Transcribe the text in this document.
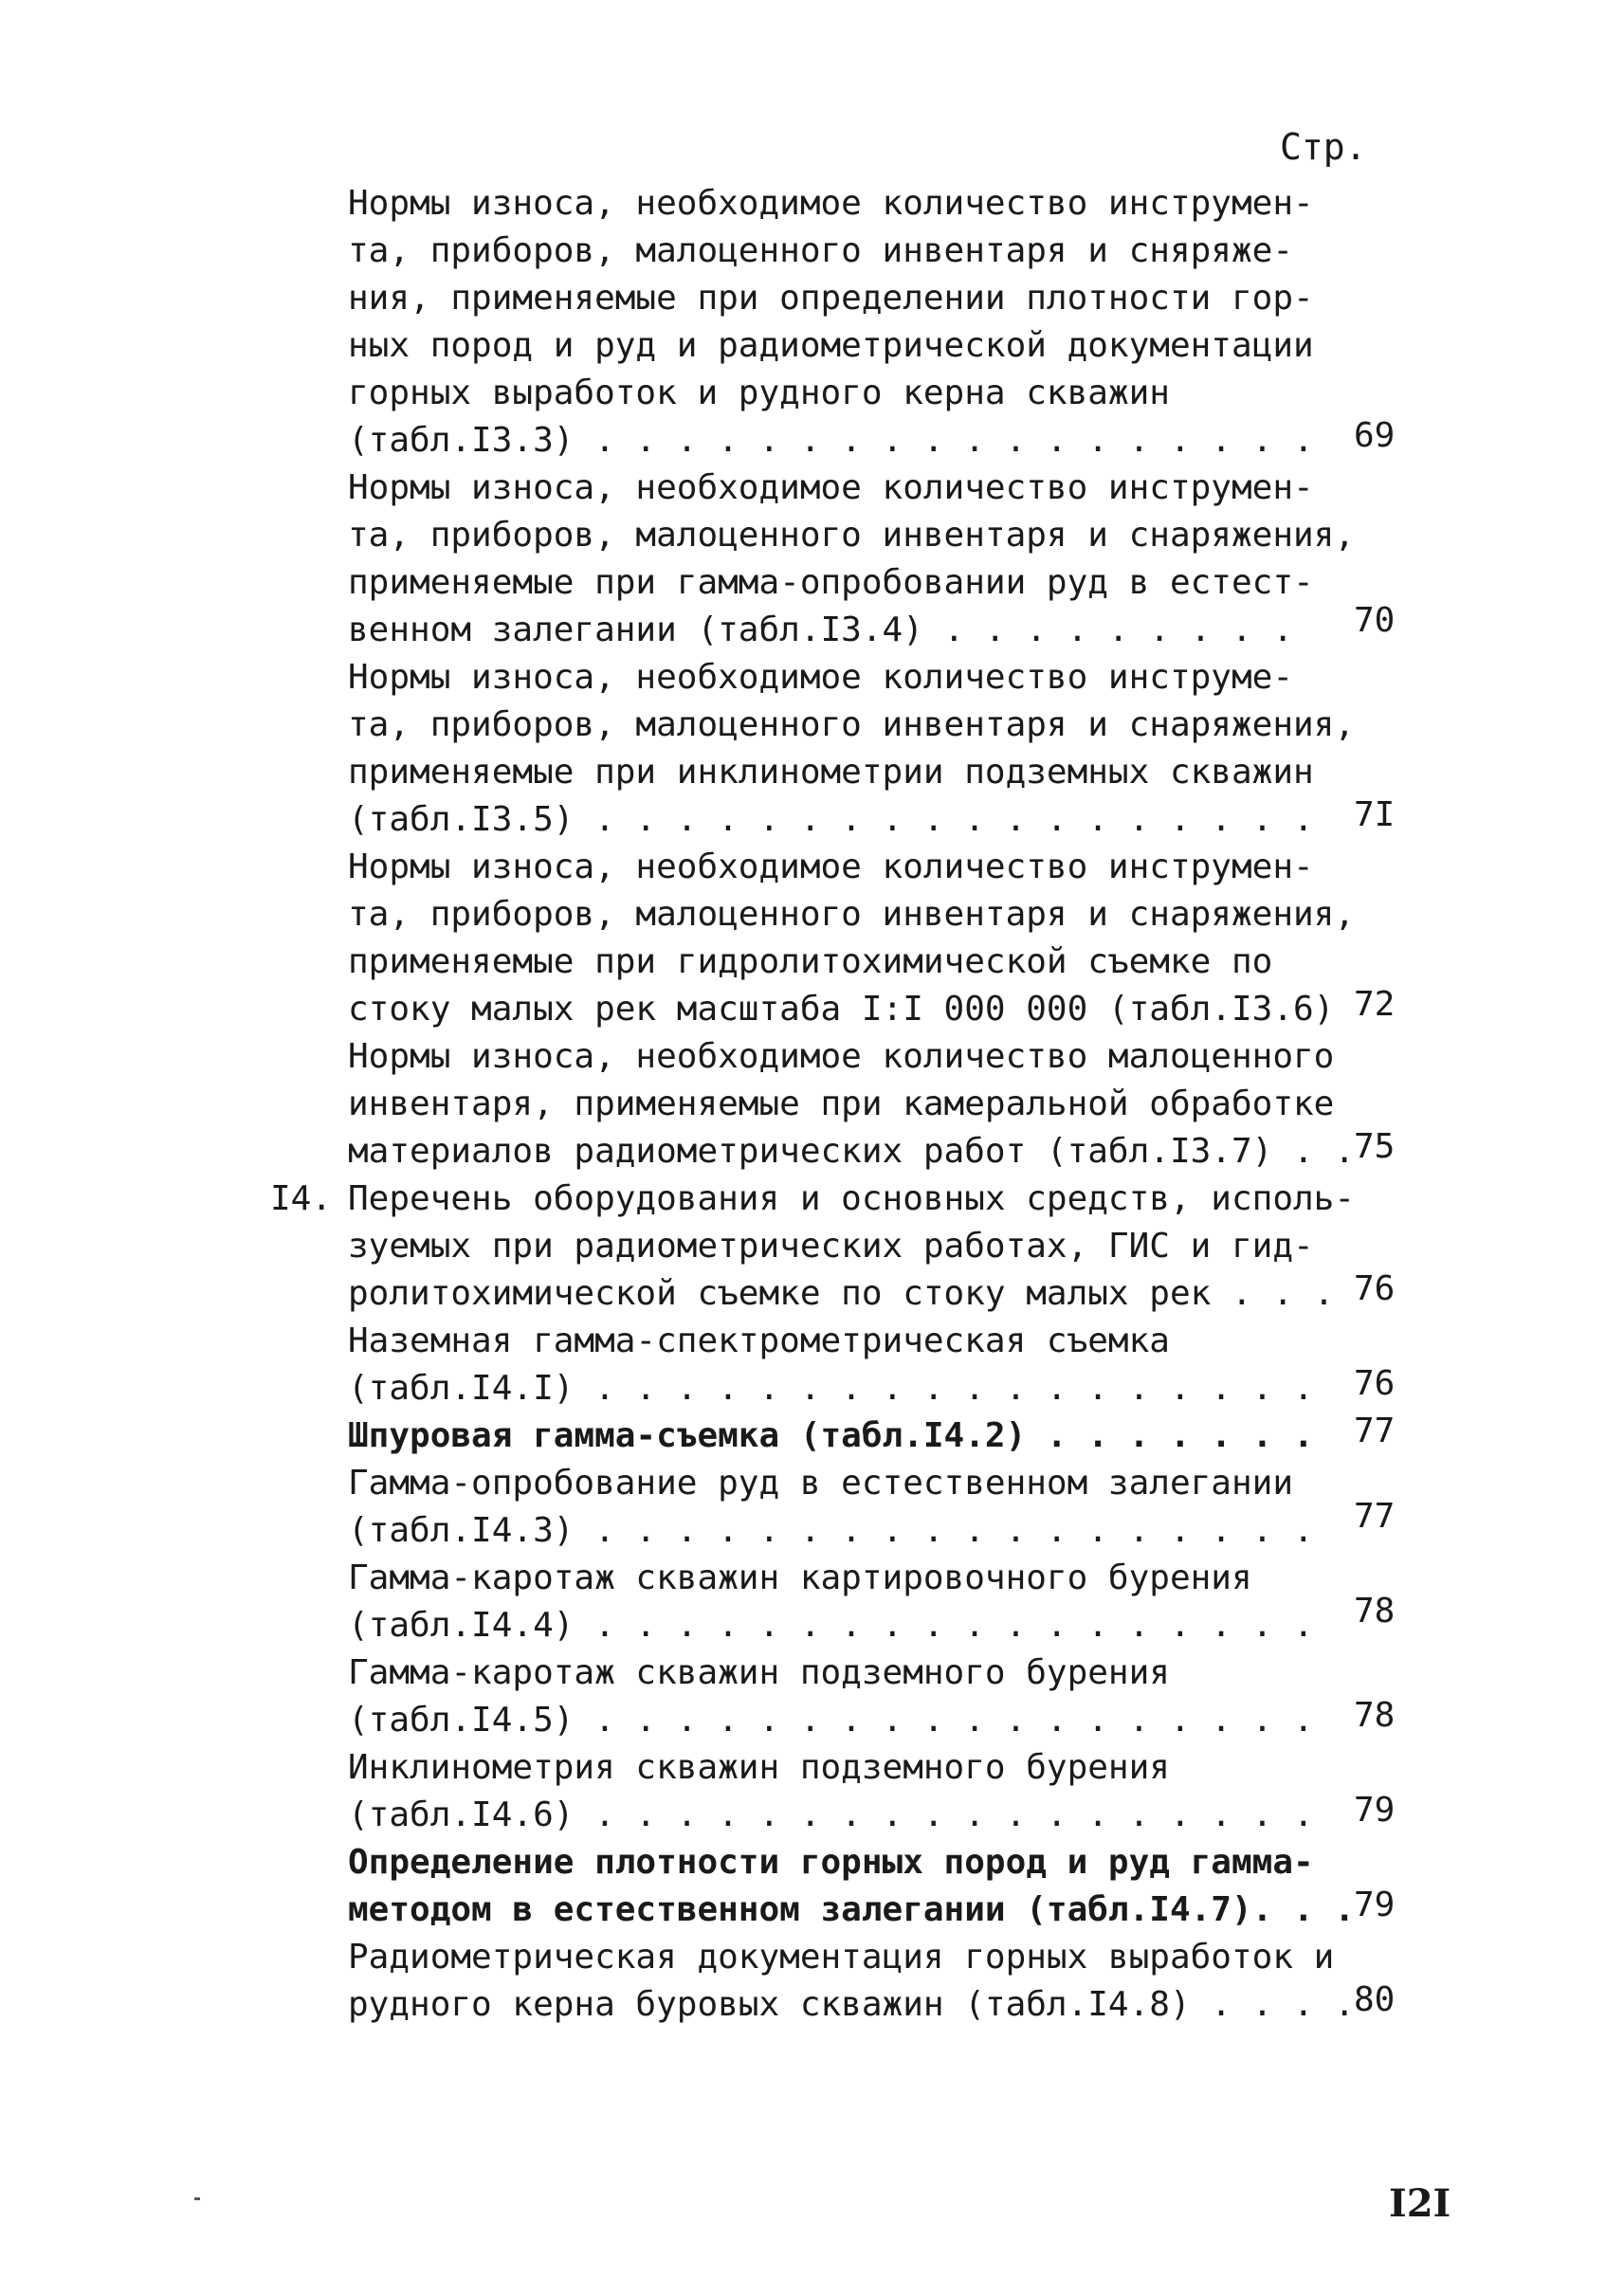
Стр.
Нормы износа, необходимое количество инструмен-
та, приборов, малоценного инвентаря и сняряже-
ния, применяемые при определении плотности гор-
ных пород и руд и радиометрической документации
горных выработок и рудного керна скважин
(табл.I3.3) . . . . . . . . . . . . . . . . . .
Нормы износа, необходимое количество инструмен-
та, приборов, малоценного инвентаря и снаряжения,
применяемые при гамма-опробовании руд в естест-
венном залегании (табл.I3.4) . . . . . . . . .
Нормы износа, необходимое количество инструме-
та, приборов, малоценного инвентаря и снаряжения,
применяемые при инклинометрии подземных скважин
(табл.I3.5) . . . . . . . . . . . . . . . . . .
Нормы износа, необходимое количество инструмен-
та, приборов, малоценного инвентаря и снаряжения,
применяемые при гидролитохимической съемке по
стоку малых рек масштаба I:I 000 000 (табл.I3.6)
Нормы износа, необходимое количество малоценного
инвентаря, применяемые при камеральной обработке
материалов радиометрических работ (табл.I3.7) . .
Перечень оборудования и основных средств, исполь-
зуемых при радиометрических работах, ГИС и гид-
ролитохимической съемке по стоку малых рек . . .
Наземная гамма-спектрометрическая съемка
(табл.I4.I) . . . . . . . . . . . . . . . . . .
Шпуровая гамма-съемка (табл.I4.2) . . . . . . .
Гамма-опробование руд в естественном залегании
(табл.I4.3) . . . . . . . . . . . . . . . . . .
Гамма-каротаж скважин картировочного бурения
(табл.I4.4) . . . . . . . . . . . . . . . . . .
Гамма-каротаж скважин подземного бурения
(табл.I4.5) . . . . . . . . . . . . . . . . . .
Инклинометрия скважин подземного бурения
(табл.I4.6) . . . . . . . . . . . . . . . . . .
Определение плотности горных пород и руд гамма-
методом в естественном залегании (табл.I4.7). . .
Радиометрическая документация горных выработок и
рудного керна буровых скважин (табл.I4.8) . . . .
I4.
69
70
7I
72
75
76
76
77
77
78
78
79
79
80
I2I
